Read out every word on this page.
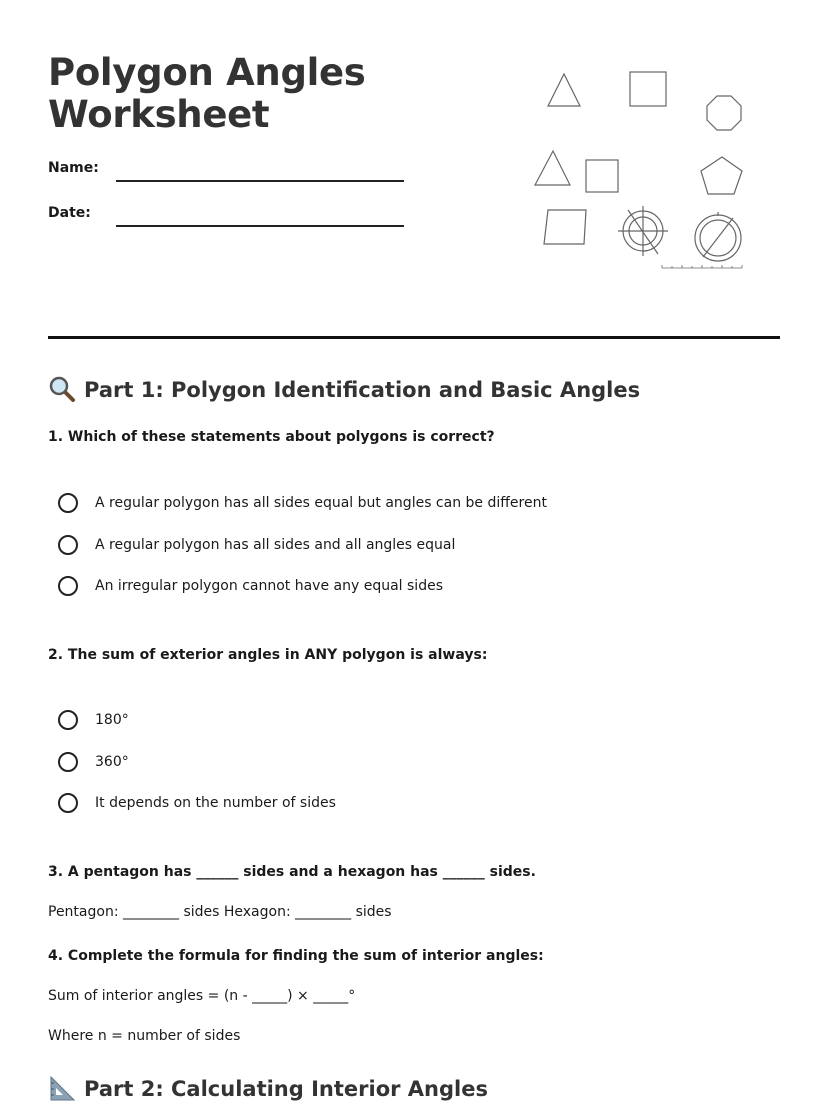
Polygon Angles
Worksheet
Name:
Date:
Part 1: Polygon Identification and Basic Angles

1. Which of these statements about polygons is correct?

A regular polygon has all sides equal but angles can be different
A regular polygon has all sides and all angles equal
An irregular polygon cannot have any equal sides

2. The sum of exterior angles in ANY polygon is always:

180°
360°
It depends on the number of sides

3. A pentagon has ______ sides and a hexagon has ______ sides.

Pentagon: ________ sides Hexagon: ________ sides

4. Complete the formula for finding the sum of interior angles:

Sum of interior angles = (n - _____) × _____°

Where n = number of sides

Part 2: Calculating Interior Angles
